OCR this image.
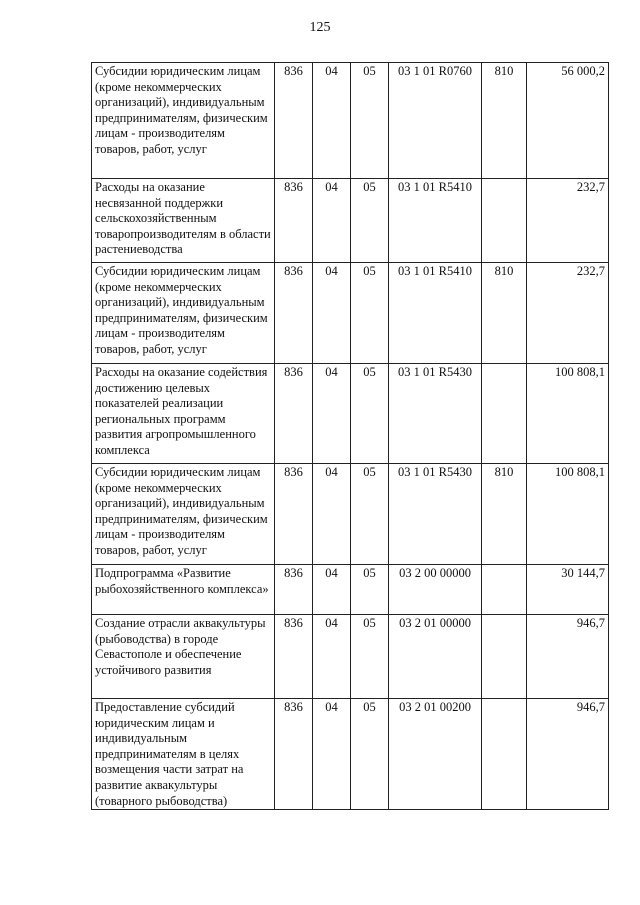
125
Субсидии юридическим лицам (кроме некоммерческих организаций), индивидуальным предпринимателям, физическим лицам - производителям товаров, работ, услуг	836	04	05	03 1 01 R0760	810	56 000,2
Расходы на оказание несвязанной поддержки сельскохозяйственным товаропроизводителям в области растениеводства	836	04	05	03 1 01 R5410		232,7
Субсидии юридическим лицам (кроме некоммерческих организаций), индивидуальным предпринимателям, физическим лицам - производителям товаров, работ, услуг	836	04	05	03 1 01 R5410	810	232,7
Расходы на оказание содействия достижению целевых показателей реализации региональных программ развития агропромышленного комплекса	836	04	05	03 1 01 R5430		100 808,1
Субсидии юридическим лицам (кроме некоммерческих организаций), индивидуальным предпринимателям, физическим лицам - производителям товаров, работ, услуг	836	04	05	03 1 01 R5430	810	100 808,1
Подпрограмма «Развитие рыбохозяйственного комплекса»	836	04	05	03 2 00 00000		30 144,7
Создание отрасли аквакультуры (рыбоводства) в городе Севастополе и обеспечение устойчивого развития	836	04	05	03 2 01 00000		946,7
Предоставление субсидий юридическим лицам и индивидуальным предпринимателям в целях возмещения части затрат на развитие аквакультуры (товарного рыбоводства)	836	04	05	03 2 01 00200		946,7
